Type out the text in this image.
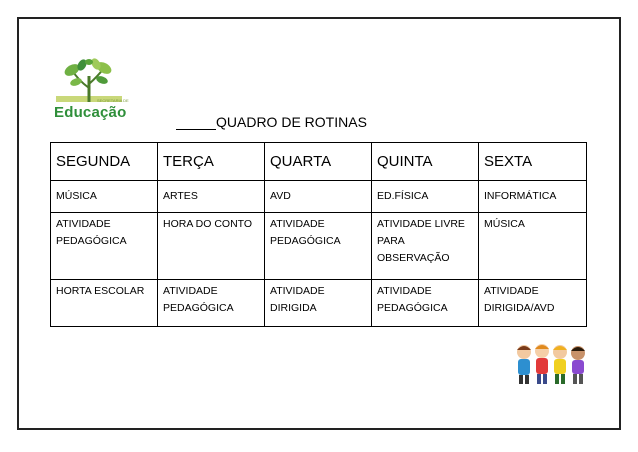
SECRETARIA DE
Educação
QUADRO DE ROTINAS
SEGUNDA	TERÇA	QUARTA	QUINTA	SEXTA
MÚSICA	ARTES	AVD	ED.FÍSICA	INFORMÁTICA
ATIVIDADE PEDAGÓGICA	HORA DO CONTO	ATIVIDADE PEDAGÓGICA	ATIVIDADE LIVRE PARA OBSERVAÇÃO	MÚSICA
HORTA ESCOLAR	ATIVIDADE PEDAGÓGICA	ATIVIDADE DIRIGIDA	ATIVIDADE PEDAGÓGICA	ATIVIDADE DIRIGIDA/AVD
